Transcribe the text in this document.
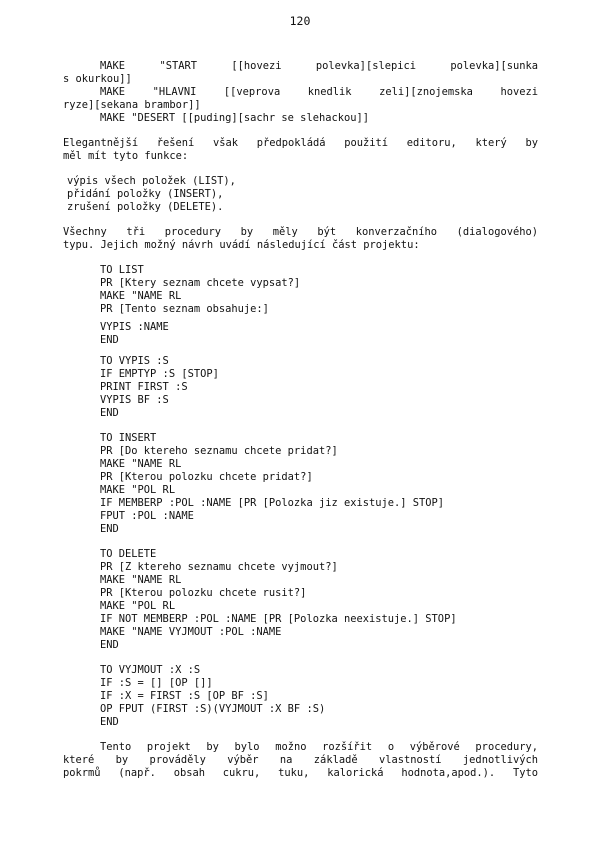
120
MAKE "START [[hovezi polevka][slepici polevka][sunka
s okurkou]]
MAKE "HLAVNI [[veprova knedlik zeli][znojemska hovezi
ryze][sekana brambor]]
MAKE "DESERT [[puding][sachr se slehackou]]
Elegantnější řešení však předpokládá použití editoru, který by
měl mít tyto funkce:
výpis všech položek (LIST),
přidání položky (INSERT),
zrušení položky (DELETE).
Všechny tři procedury by měly být konverzačního (dialogového)
typu. Jejich možný návrh uvádí následující část projektu:
TO LIST
PR [Ktery seznam chcete vypsat?]
MAKE "NAME RL
PR [Tento seznam obsahuje:]
VYPIS :NAME
END
TO VYPIS :S
IF EMPTYP :S [STOP]
PRINT FIRST :S
VYPIS BF :S
END
TO INSERT
PR [Do ktereho seznamu chcete pridat?]
MAKE "NAME RL
PR [Kterou polozku chcete pridat?]
MAKE "POL RL
IF MEMBERP :POL :NAME [PR [Polozka jiz existuje.] STOP]
FPUT :POL :NAME
END
TO DELETE
PR [Z ktereho seznamu chcete vyjmout?]
MAKE "NAME RL
PR [Kterou polozku chcete rusit?]
MAKE "POL RL
IF NOT MEMBERP :POL :NAME [PR [Polozka neexistuje.] STOP]
MAKE "NAME VYJMOUT :POL :NAME
END
TO VYJMOUT :X :S
IF :S = [] [OP []]
IF :X = FIRST :S [OP BF :S]
OP FPUT (FIRST :S)(VYJMOUT :X BF :S)
END
Tento projekt by bylo možno rozšířit o výběrové procedury,
které by prováděly výběr na základě vlastností jednotlivých
pokrmů (např. obsah cukru, tuku, kalorická hodnota,apod.). Tyto
